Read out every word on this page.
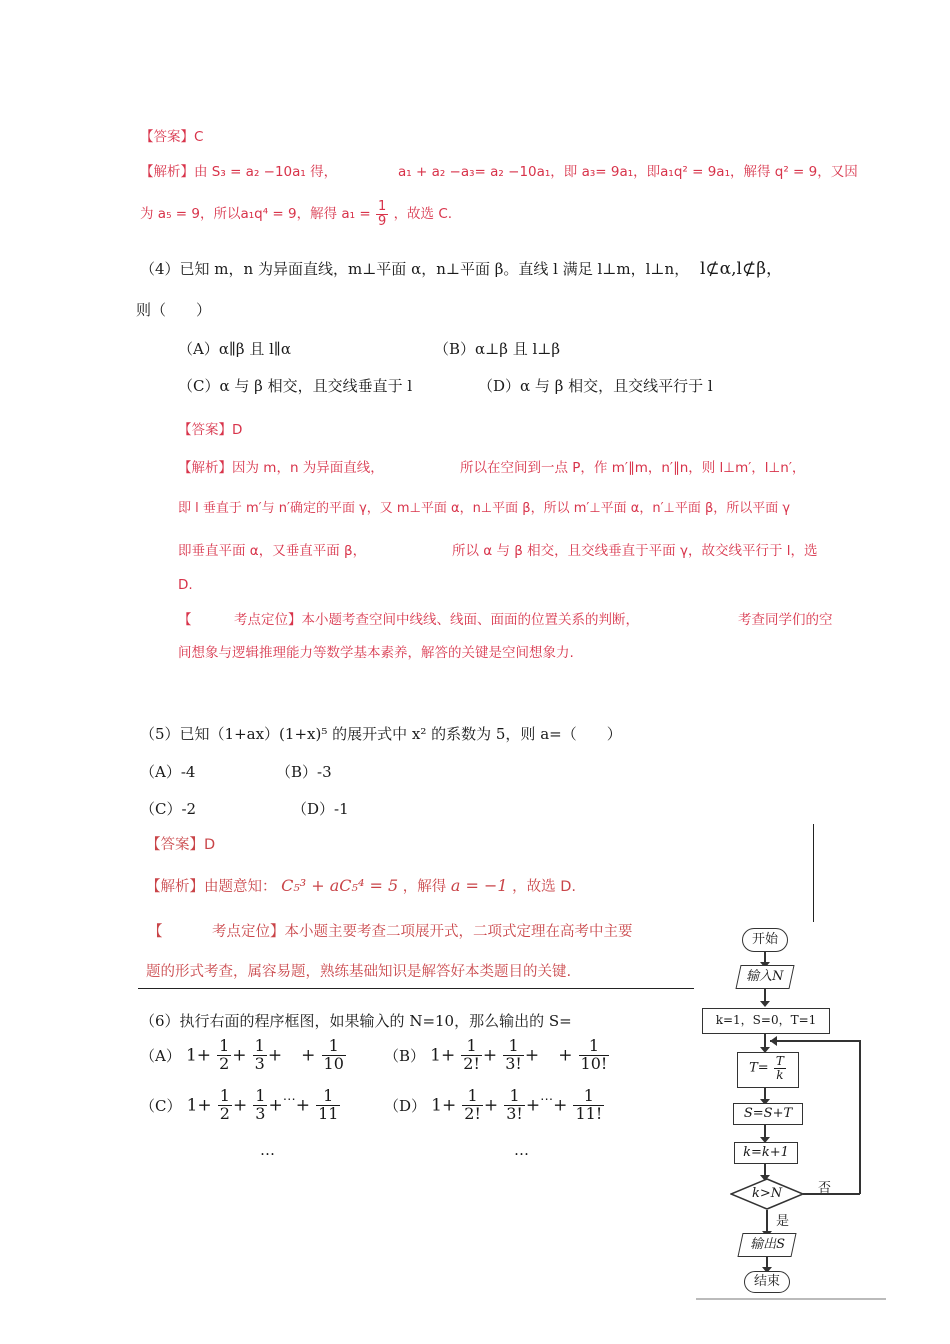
【答案】C
【解析】由 S₃ = a₂ −10a₁ 得，	a₁ + a₂ −a₃= a₂ −10a₁，即 a₃= 9a₁，即a₁q² = 9a₁，解得 q² = 9，又因
为 a₅ = 9，所以a₁q⁴ = 9，解得 $a_1 = \frac{1}{9}$ ，故选 C.
（4）已知 m，n 为异面直线，m⊥平面 α，n⊥平面 β。直线 l 满足 l⊥m，l⊥n， l⊄α,l⊄β，
则（　　）
（A）α∥β 且 l∥α	（B）α⊥β 且 l⊥β
（C）α 与 β 相交，且交线垂直于 l	（D）α 与 β 相交，且交线平行于 l
【答案】D
【解析】因为 m，n 为异面直线，	所以在空间到一点 P，作 m′∥m，n′∥n，则 l⊥m′，l⊥n′，
即 l 垂直于 m′与 n′确定的平面 γ，又 m⊥平面 α，n⊥平面 β，所以 m′⊥平面 α，n′⊥平面 β，所以平面 γ
即垂直平面 α，又垂直平面 β，	所以 α 与 β 相交，且交线垂直于平面 γ，故交线平行于 l，选
D.
【	考点定位】本小题考查空间中线线、线面、面面的位置关系的判断，	考查同学们的空
间想象与逻辑推理能力等数学基本素养，解答的关键是空间想象力.
（5）已知（1+ax）(1+x)⁵ 的展开式中 x² 的系数为 5，则 a=（　　）
（A）-4	（B）-3
（C）-2	（D）-1
【答案】D
【解析】由题意知： C₅³ + aC₅⁴ = 5 ，解得 a = −1 ，故选 D.
【	考点定位】本小题主要考查二项展开式，二项式定理在高考中主要
题的形式考查，属容易题，熟练基础知识是解答好本类题目的关键.
（6）执行右面的程序框图，如果输入的 N=10，那么输出的 S=
（A） $1+ \frac{1}{2} + \frac{1}{3}$ + + $\frac{1}{10}$	（B） $1+ \frac{1}{2!} + \frac{1}{3!}$ + + $\frac{1}{10!}$
（C） $1+ \frac{1}{2} + \frac{1}{3} +^\cdots+ \frac{1}{11}$	（D） $1+ \frac{1}{2!} + \frac{1}{3!} +^\cdots+ \frac{1}{11!}$
…	…
开始
输入N
k=1，S=0，T=1
$T= \frac{T}{k}$
S=S+T
k=k+1
k>N	否
是
输出S
结束
